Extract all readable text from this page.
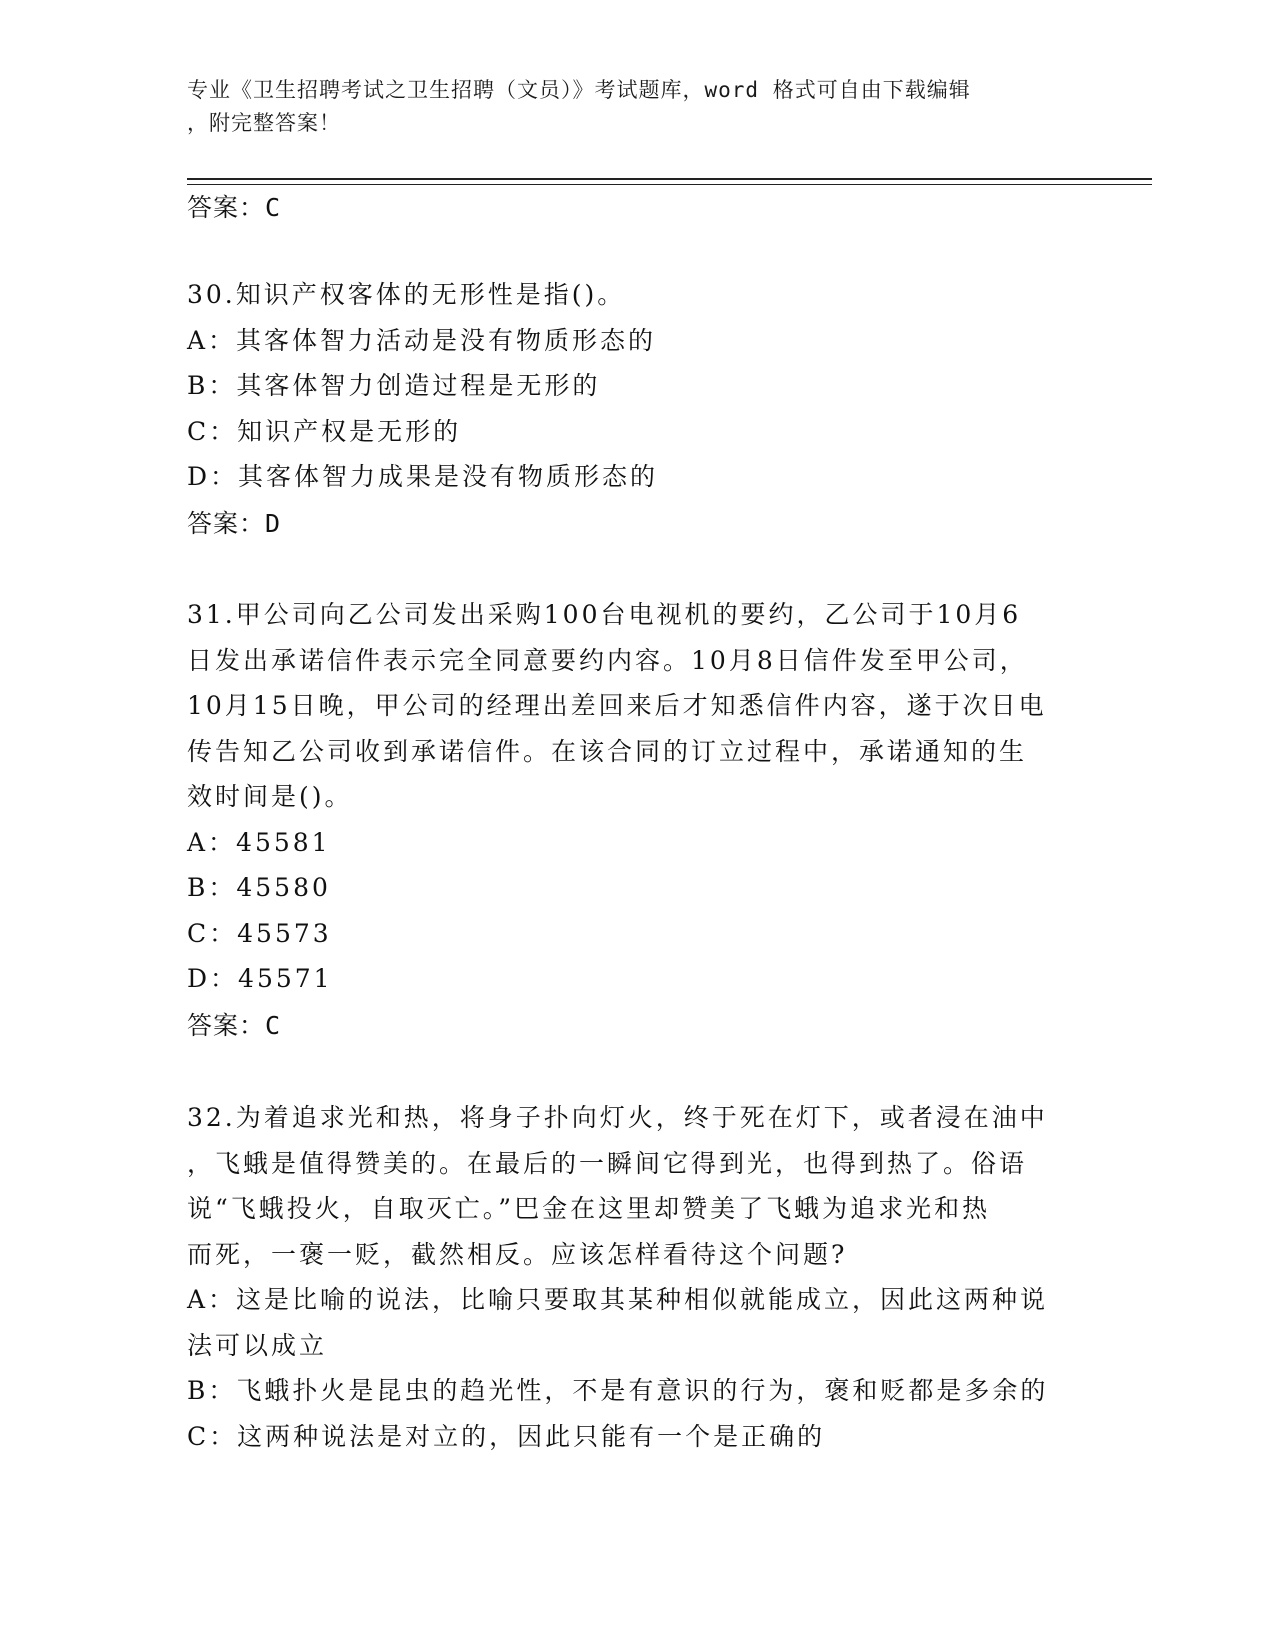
专业《卫生招聘考试之卫生招聘（文员）》考试题库，word 格式可自由下载编辑
，附完整答案！
答案：C
30.知识产权客体的无形性是指()。
A：其客体智力活动是没有物质形态的
B：其客体智力创造过程是无形的
C：知识产权是无形的
D：其客体智力成果是没有物质形态的
答案：D
31.甲公司向乙公司发出采购100台电视机的要约，乙公司于10月6
日发出承诺信件表示完全同意要约内容。10月8日信件发至甲公司，
10月15日晚，甲公司的经理出差回来后才知悉信件内容，遂于次日电
传告知乙公司收到承诺信件。在该合同的订立过程中，承诺通知的生
效时间是()。
A：45581
B：45580
C：45573
D：45571
答案：C
32.为着追求光和热，将身子扑向灯火，终于死在灯下，或者浸在油中
，飞蛾是值得赞美的。在最后的一瞬间它得到光，也得到热了。俗语
说“飞蛾投火，自取灭亡。”巴金在这里却赞美了飞蛾为追求光和热
而死，一褒一贬，截然相反。应该怎样看待这个问题?
A：这是比喻的说法，比喻只要取其某种相似就能成立，因此这两种说
法可以成立
B：飞蛾扑火是昆虫的趋光性，不是有意识的行为，褒和贬都是多余的
C：这两种说法是对立的，因此只能有一个是正确的
